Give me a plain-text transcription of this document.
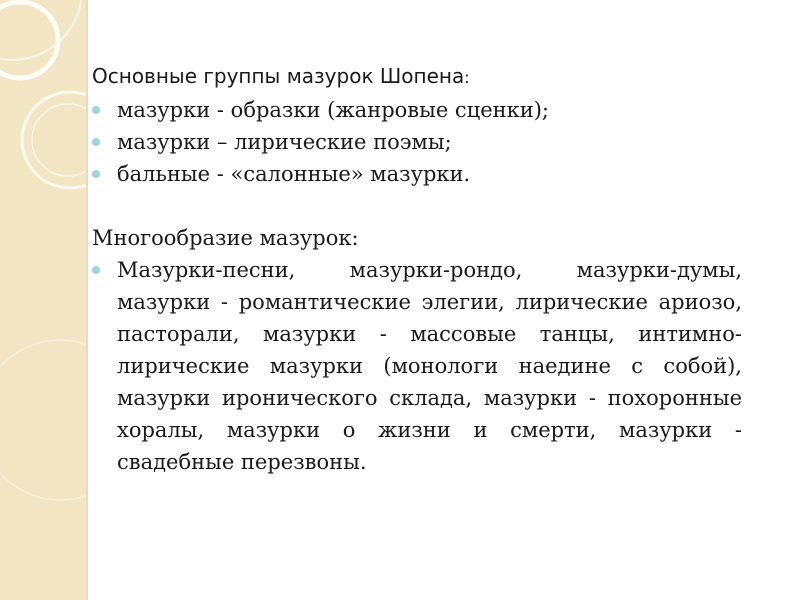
Основные группы мазурок Шопена:

мазурки - образки (жанровые сценки);
мазурки – лирические поэмы;
бальные - «салонные» мазурки.

Многообразие мазурок:

Мазурки-песни, мазурки-рондо, мазурки-думы, мазурки - романтические элегии, лирические ариозо, пасторали, мазурки - массовые танцы, интимно-лирические мазурки (монологи наедине с собой), мазурки иронического склада, мазурки - похоронные хоралы, мазурки о жизни и смерти, мазурки - свадебные перезвоны.
